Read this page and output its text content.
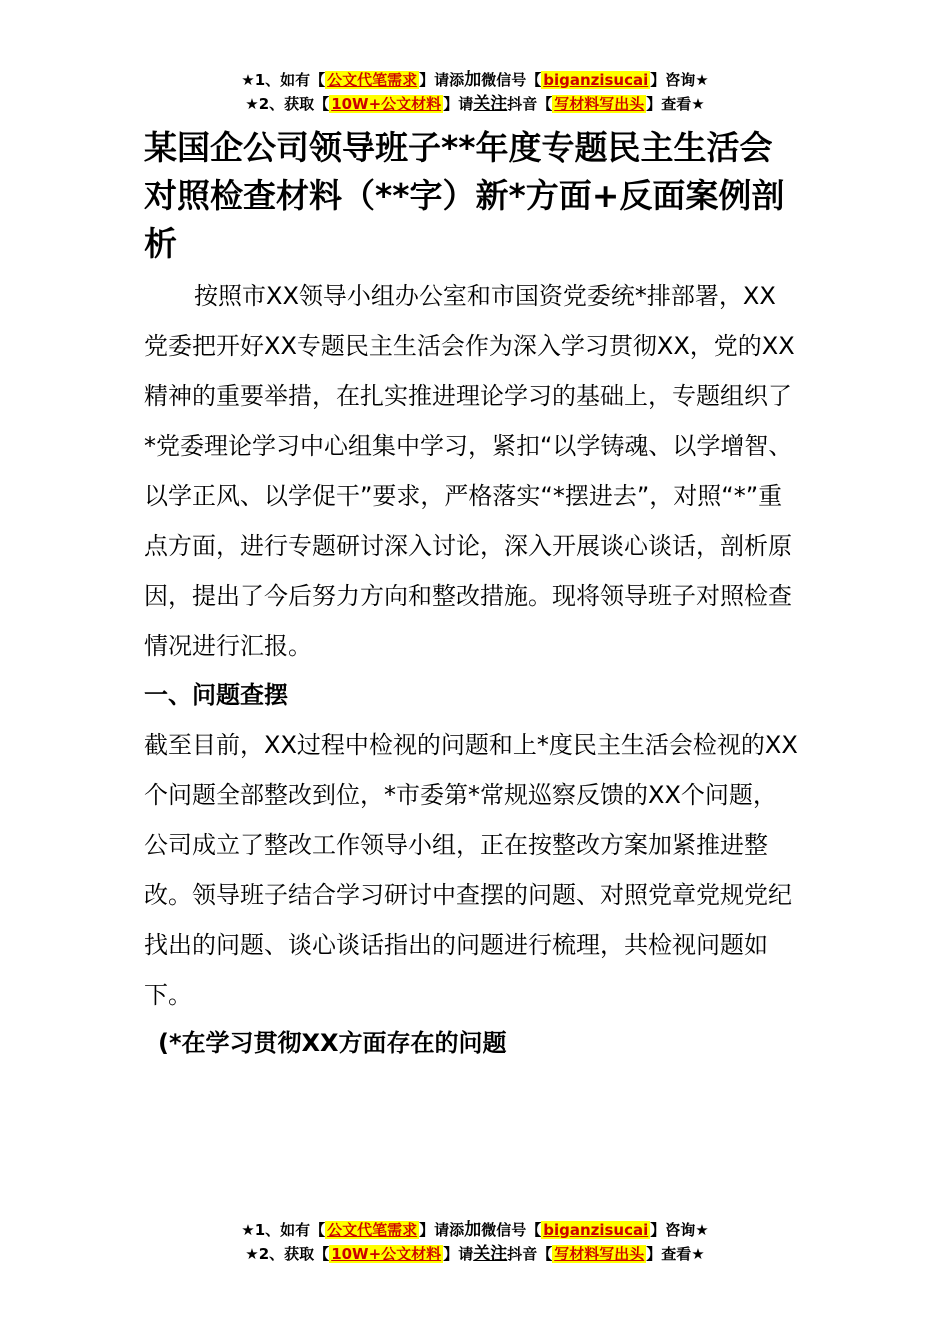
★1、如有【 公文代笔需求 】请添加微信号【 biganzisucai 】咨询★
★2、获取【 10W+公文材料 】请关注抖音【 写材料写出头 】查看★
某国企公司领导班子**年度专题民主生活会对照检查材料（**字）新*方面+反面案例剖析

按照市XX领导小组办公室和市国资党委统*排部署，XX党委把开好XX专题民主生活会作为深入学习贯彻XX，党的XX精神的重要举措，在扎实推进理论学习的基础上，专题组织了*党委理论学习中心组集中学习，紧扣“以学铸魂、以学增智、以学正风、以学促干”要求，严格落实“*摆进去”，对照“*”重点方面，进行专题研讨深入讨论，深入开展谈心谈话，剖析原因，提出了今后努力方向和整改措施。现将领导班子对照检查情况进行汇报。

一、问题查摆

截至目前，XX过程中检视的问题和上*度民主生活会检视的XX个问题全部整改到位，*市委第*常规巡察反馈的XX个问题，公司成立了整改工作领导小组，正在按整改方案加紧推进整改。领导班子结合学习研讨中查摆的问题、对照党章党规党纪找出的问题、谈心谈话指出的问题进行梳理，共检视问题如下。

(*在学习贯彻XX方面存在的问题

★1、如有【 公文代笔需求 】请添加微信号【 biganzisucai 】咨询★
★2、获取【 10W+公文材料 】请关注抖音【 写材料写出头 】查看★
